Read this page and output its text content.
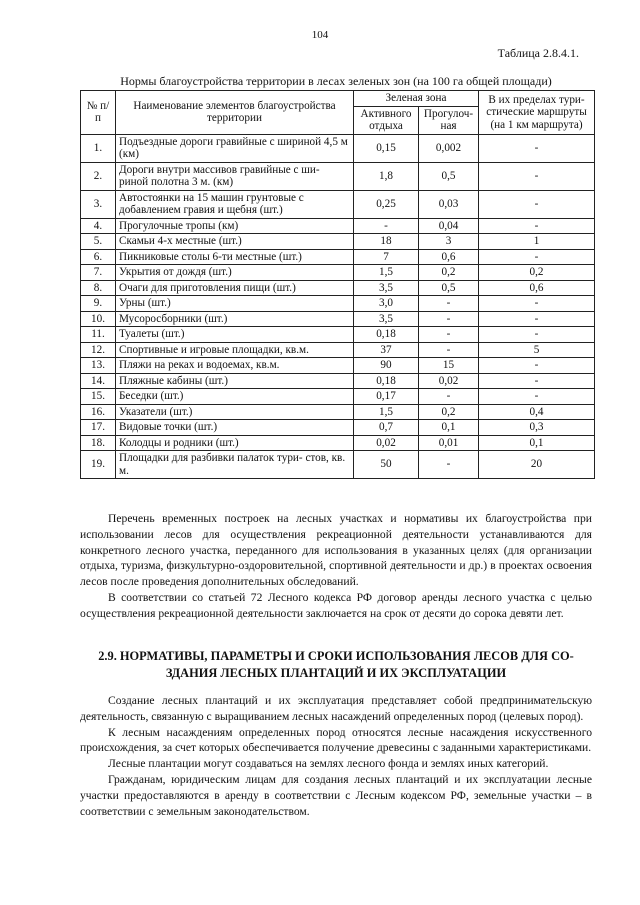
104
Таблица 2.8.4.1.
Нормы благоустройства территории в лесах зеленых зон (на 100 га общей площади)
№ п/п	Наименование элементов благоустройства территории	Зеленая зона		В их пределах тури- стические маршруты (на 1 км маршрута)
		Активного отдыха	Прогулоч- ная	
1.	Подъездные дороги гравийные с шириной 4,5 м (км)	0,15	0,002	-
2.	Дороги внутри массивов гравийные с ши- риной полотна 3 м. (км)	1,8	0,5	-
3.	Автостоянки на 15 машин грунтовые с добавлением гравия и щебня (шт.)	0,25	0,03	-
4.	Прогулочные тропы (км)	-	0,04	-
5.	Скамьи 4-х местные (шт.)	18	3	1
6.	Пикниковые столы 6-ти местные (шт.)	7	0,6	-
7.	Укрытия от дождя (шт.)	1,5	0,2	0,2
8.	Очаги для приготовления пищи (шт.)	3,5	0,5	0,6
9.	Урны (шт.)	3,0	-	-
10.	Мусоросборники (шт.)	3,5	-	-
11.	Туалеты (шт.)	0,18	-	-
12.	Спортивные и игровые площадки, кв.м.	37	-	5
13.	Пляжи на реках и водоемах, кв.м.	90	15	-
14.	Пляжные кабины (шт.)	0,18	0,02	-
15.	Беседки (шт.)	0,17	-	-
16.	Указатели (шт.)	1,5	0,2	0,4
17.	Видовые точки (шт.)	0,7	0,1	0,3
18.	Колодцы и родники (шт.)	0,02	0,01	0,1
19.	Площадки для разбивки палаток тури- стов, кв. м.	50	-	20

Перечень временных построек на лесных участках и нормативы их благоустройства при использовании лесов для осуществления рекреационной деятельности устанавливаются для конкретного лесного участка, переданного для использования в указанных целях (для организации отдыха, туризма, физкультурно-оздоровительной, спортивной деятельности и др.) в проектах освоения лесов после проведения дополнительных обследований.

В соответствии со статьей 72 Лесного кодекса РФ договор аренды лесного участка с целью осуществления рекреационной деятельности заключается на срок от десяти до сорока девяти лет.

2.9. НОРМАТИВЫ, ПАРАМЕТРЫ И СРОКИ ИСПОЛЬЗОВАНИЯ ЛЕСОВ ДЛЯ СО- ЗДАНИЯ ЛЕСНЫХ ПЛАНТАЦИЙ И ИХ ЭКСПЛУАТАЦИИ

Создание лесных плантаций и их эксплуатация представляет собой предпринимательскую деятельность, связанную с выращиванием лесных насаждений определенных пород (целевых пород).

К лесным насаждениям определенных пород относятся лесные насаждения искусственного происхождения, за счет которых обеспечивается получение древесины с заданными характеристиками.

Лесные плантации могут создаваться на землях лесного фонда и землях иных категорий.

Гражданам, юридическим лицам для создания лесных плантаций и их эксплуатации лесные участки предоставляются в аренду в соответствии с Лесным кодексом РФ, земельные участки – в соответствии с земельным законодательством.
